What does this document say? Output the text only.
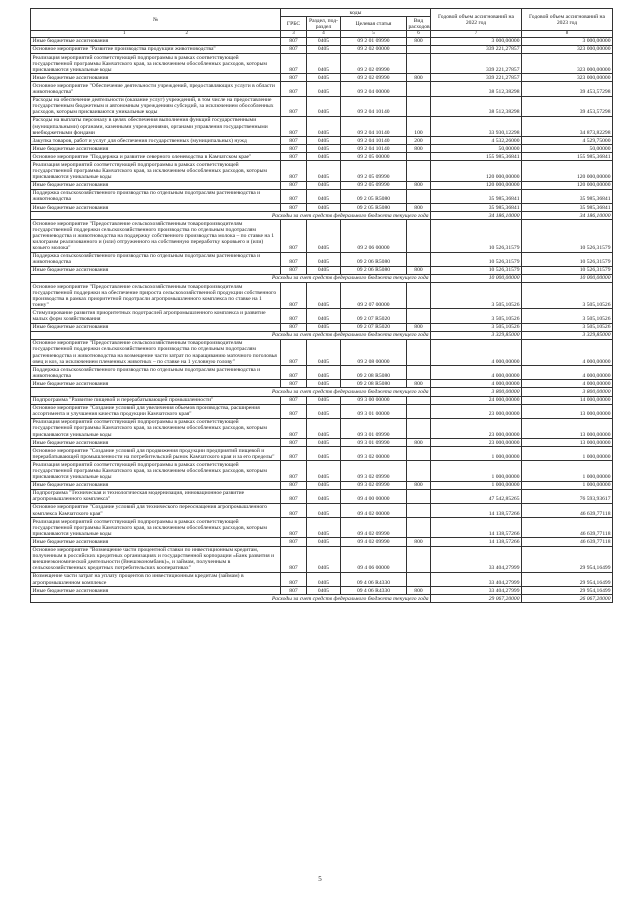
№	коды				Годовой объем ассигнований на 2022 год	Годовой объем ассигнований на 2023 год
	ГРБС	Раздел, под-раздел	Целевая статья	Вид расходов		
1 2	3	4	5	6	7	8
Иные бюджетные ассигнования	807	0405	09 2 01 09990	800	3 000,00000	3 000,00000
Основное мероприятие "Развитие производства продукции животноводства"	807	0405	09 2 02 00000		339 221,27857	323 000,00000
Реализация мероприятий соответствующей подпрограммы в рамках соответствующей государственной программы Камчатского края, за исключением обособленных расходов, которым присваиваются уникальные коды	807	0405	09 2 02 09990		339 221,27857	323 000,00000
Иные бюджетные ассигнования	807	0405	09 2 02 09990	800	339 221,27857	323 000,00000
Основное мероприятие "Обеспечение деятельности учреждений, предоставляющих услуги в области животноводства"	807	0405	09 2 04 00000		38 512,38298	39 453,57298
Расходы на обеспечение деятельности (оказание услуг) учреждений, в том числе на предоставление государственным бюджетным и автономным учреждениям субсидий, за исключением обособленных расходов, которым присваиваются уникальные коды	807	0405	09 2 04 10140		38 512,38298	39 453,57298
Расходы на выплаты персоналу в целях обеспечения выполнения функций государственными (муниципальными) органами, казенными учреждениями, органами управления государственными внебюджетными фондами	807	0405	09 2 04 10140	100	33 930,12298	34 873,82298
Закупка товаров, работ и услуг для обеспечения государственных (муниципальных) нужд	807	0405	09 2 04 10140	200	4 532,26000	4 529,75000
Иные бюджетные ассигнования	807	0405	09 2 04 10140	800	50,00000	50,00000
Основное мероприятие "Поддержка и развитие северного оленеводства в Камчатском крае"	807	0405	09 2 05 00000		155 985,36841	155 985,36841
Реализация мероприятий соответствующей подпрограммы в рамках соответствующей государственной программы Камчатского края, за исключением обособленных расходов, которым присваиваются уникальные коды	807	0405	09 2 05 09990		120 000,00000	120 000,00000
Иные бюджетные ассигнования	807	0405	09 2 05 09990	800	120 000,00000	120 000,00000
Поддержка сельскохозяйственного производства по отдельным подотраслям растениеводства и животноводства	807	0405	09 2 05 R5080		35 985,36841	35 985,36841
Иные бюджетные ассигнования	807	0405	09 2 05 R5080	800	35 985,36841	35 985,36841
Расходы за счет средств федерального бюджета текущего года					34 186,10000	34 186,10000
Основное мероприятие "Предоставление сельскохозяйственным товаропроизводителям государственной поддержки сельскохозяйственного производства по отдельным подотраслям растениеводства и животноводства на поддержку собственного производства молока – по ставке на 1 килограмм реализованного и (или) отгруженного на собственную переработку коровьего и (или) козьего молока"	807	0405	09 2 06 00000		10 526,31579	10 526,31579
Поддержка сельскохозяйственного производства по отдельным подотраслям растениеводства и животноводства	807	0405	09 2 06 R5080		10 526,31579	10 526,31579
Иные бюджетные ассигнования	807	0405	09 2 06 R5080	800	10 526,31579	10 526,31579
Расходы за счет средств федерального бюджета текущего года					10 000,00000	10 000,00000
Основное мероприятие "Предоставление сельскохозяйственным товаропроизводителям государственной поддержки на обеспечение прироста сельскохозяйственной продукции собственного производства в рамках приоритетной подотрасли агропромышленного комплекса по ставке на 1 тонну"	807	0405	09 2 07 00000		3 505,10526	3 505,10526
Стимулирование развития приоритетных подотраслей агропромышленного комплекса и развитие малых форм хозяйствования	807	0405	09 2 07 R5020		3 505,10526	3 505,10526
Иные бюджетные ассигнования	807	0405	09 2 07 R5020	800	3 505,10526	3 505,10526
Расходы за счет средств федерального бюджета текущего года					3 329,85000	3 329,85000
Основное мероприятие "Предоставление сельскохозяйственным товаропроизводителям государственной поддержки сельскохозяйственного производства по отдельным подотраслям растениеводства и животноводства на возмещение части затрат по наращиванию маточного поголовья овец и коз, за исключением племенных животных – по ставке на 1 условную голову"	807	0405	09 2 08 00000		4 000,00000	4 000,00000
Поддержка сельскохозяйственного производства по отдельным подотраслям растениеводства и животноводства	807	0405	09 2 08 R5080		4 000,00000	4 000,00000
Иные бюджетные ассигнования	807	0405	09 2 08 R5080	800	4 000,00000	4 000,00000
Расходы за счет средств федерального бюджета текущего года					3 800,00000	3 800,00000
Подпрограмма "Развитие пищевой и перерабатывающей промышленности"	807	0405	09 3 00 00000		24 000,00000	14 000,00000
Основное мероприятие "Создание условий для увеличения объемов производства, расширения ассортимента и улучшения качества продукции Камчатского края"	807	0405	09 3 01 00000		23 000,00000	13 000,00000
Реализация мероприятий соответствующей подпрограммы в рамках соответствующей государственной программы Камчатского края, за исключением обособленных расходов, которым присваиваются уникальные коды	807	0405	09 3 01 09990		23 000,00000	13 000,00000
Иные бюджетные ассигнования	807	0405	09 3 01 09990	800	23 000,00000	13 000,00000
Основное мероприятие "Создание условий для продвижения продукции предприятий пищевой и перерабатывающей промышленности на потребительский рынок Камчатского края и за его пределы"	807	0405	09 3 02 00000		1 000,00000	1 000,00000
Реализация мероприятий соответствующей подпрограммы в рамках соответствующей государственной программы Камчатского края, за исключением обособленных расходов, которым присваиваются уникальные коды	807	0405	09 3 02 09990		1 000,00000	1 000,00000
Иные бюджетные ассигнования	807	0405	09 3 02 09990	800	1 000,00000	1 000,00000
Подпрограмма "Техническая и технологическая модернизация, инновационное развитие агропромышленного комплекса"	807	0405	09 4 00 00000		47 542,85265	76 593,93617
Основное мероприятие "Создание условий для технического переоснащения агропромышленного комплекса Камчатского края"	807	0405	09 4 02 00000		14 138,57266	46 639,77118
Реализация мероприятий соответствующей подпрограммы в рамках соответствующей государственной программы Камчатского края, за исключением обособленных расходов, которым присваиваются уникальные коды	807	0405	09 4 02 09990		14 138,57266	46 639,77118
Иные бюджетные ассигнования	807	0405	09 4 02 09990	800	14 138,57266	46 639,77118
Основное мероприятие "Возмещение части процентной ставки по инвестиционным кредитам, полученным в российских кредитных организациях и государственной корпорации «Банк развития и внешнеэкономической деятельности (Внешэкономбанк)», и займам, полученным в сельскохозяйственных кредитных потребительских кооперативах"	807	0405	09 4 06 00000		33 404,27999	29 954,16499
Возмещение части затрат на уплату процентов по инвестиционным кредитам (займам) в агропромышленном комплексе	807	0405	09 4 06 R4330		33 404,27999	29 954,16499
Иные бюджетные ассигнования	807	0405	09 4 06 R4330	800	33 404,27999	29 954,16499
Расходы за счет средств федерального бюджета текущего года					29 067,20000	26 067,20000
5
